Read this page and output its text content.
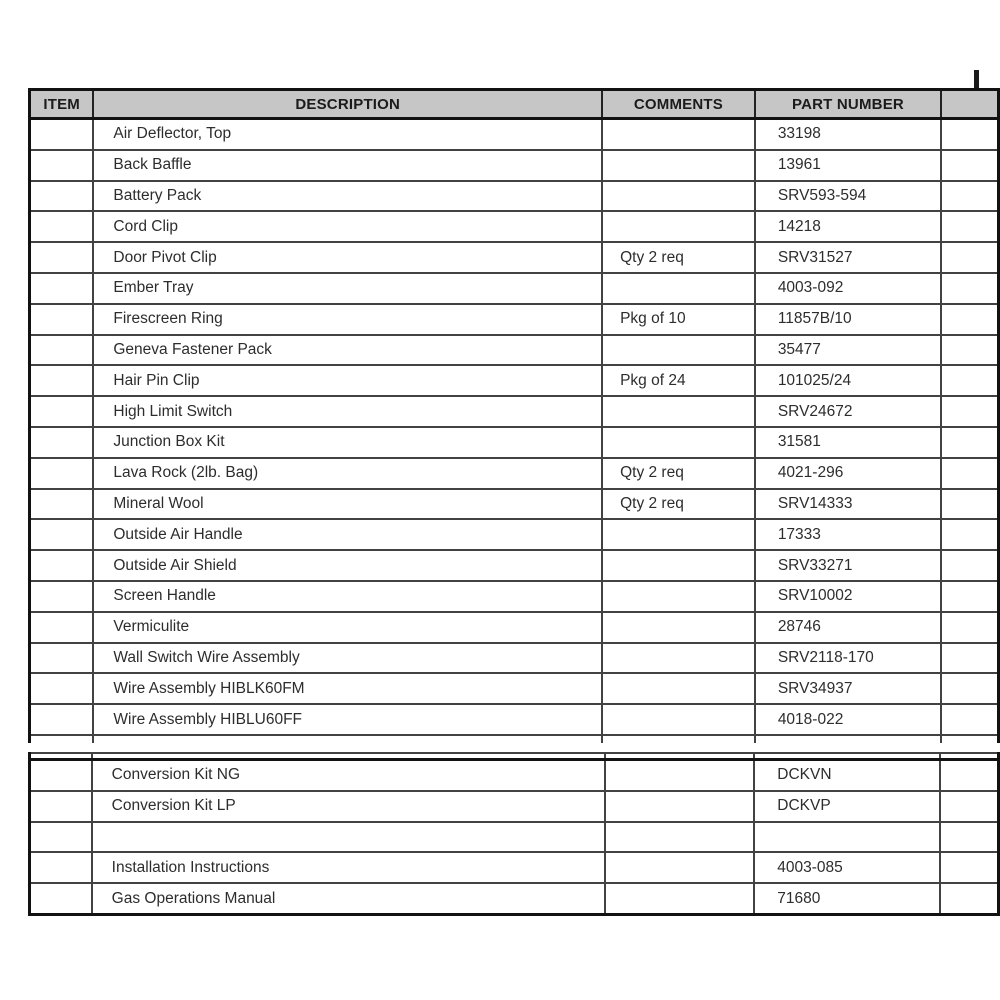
ITEM	DESCRIPTION	COMMENTS	PART NUMBER	
	Air Deflector, Top		33198	
	Back Baffle		13961	
	Battery Pack		SRV593-594	
	Cord Clip		14218	
	Door Pivot Clip	Qty 2 req	SRV31527	
	Ember Tray		4003-092	
	Firescreen Ring	Pkg of 10	11857B/10	
	Geneva Fastener Pack		35477	
	Hair Pin Clip	Pkg of 24	101025/24	
	High Limit Switch		SRV24672	
	Junction Box Kit		31581	
	Lava Rock (2lb. Bag)	Qty 2 req	4021-296	
	Mineral Wool	Qty 2 req	SRV14333	
	Outside Air Handle		17333	
	Outside Air Shield		SRV33271	
	Screen Handle		SRV10002	
	Vermiculite		28746	
	Wall Switch Wire Assembly		SRV2118-170	
	Wire Assembly HIBLK60FM		SRV34937	
	Wire Assembly HIBLU60FF		4018-022	

	Conversion Kit NG		DCKVN	
	Conversion Kit LP		DCKVP	

	Installation Instructions		4003-085	
	Gas Operations Manual		71680	
